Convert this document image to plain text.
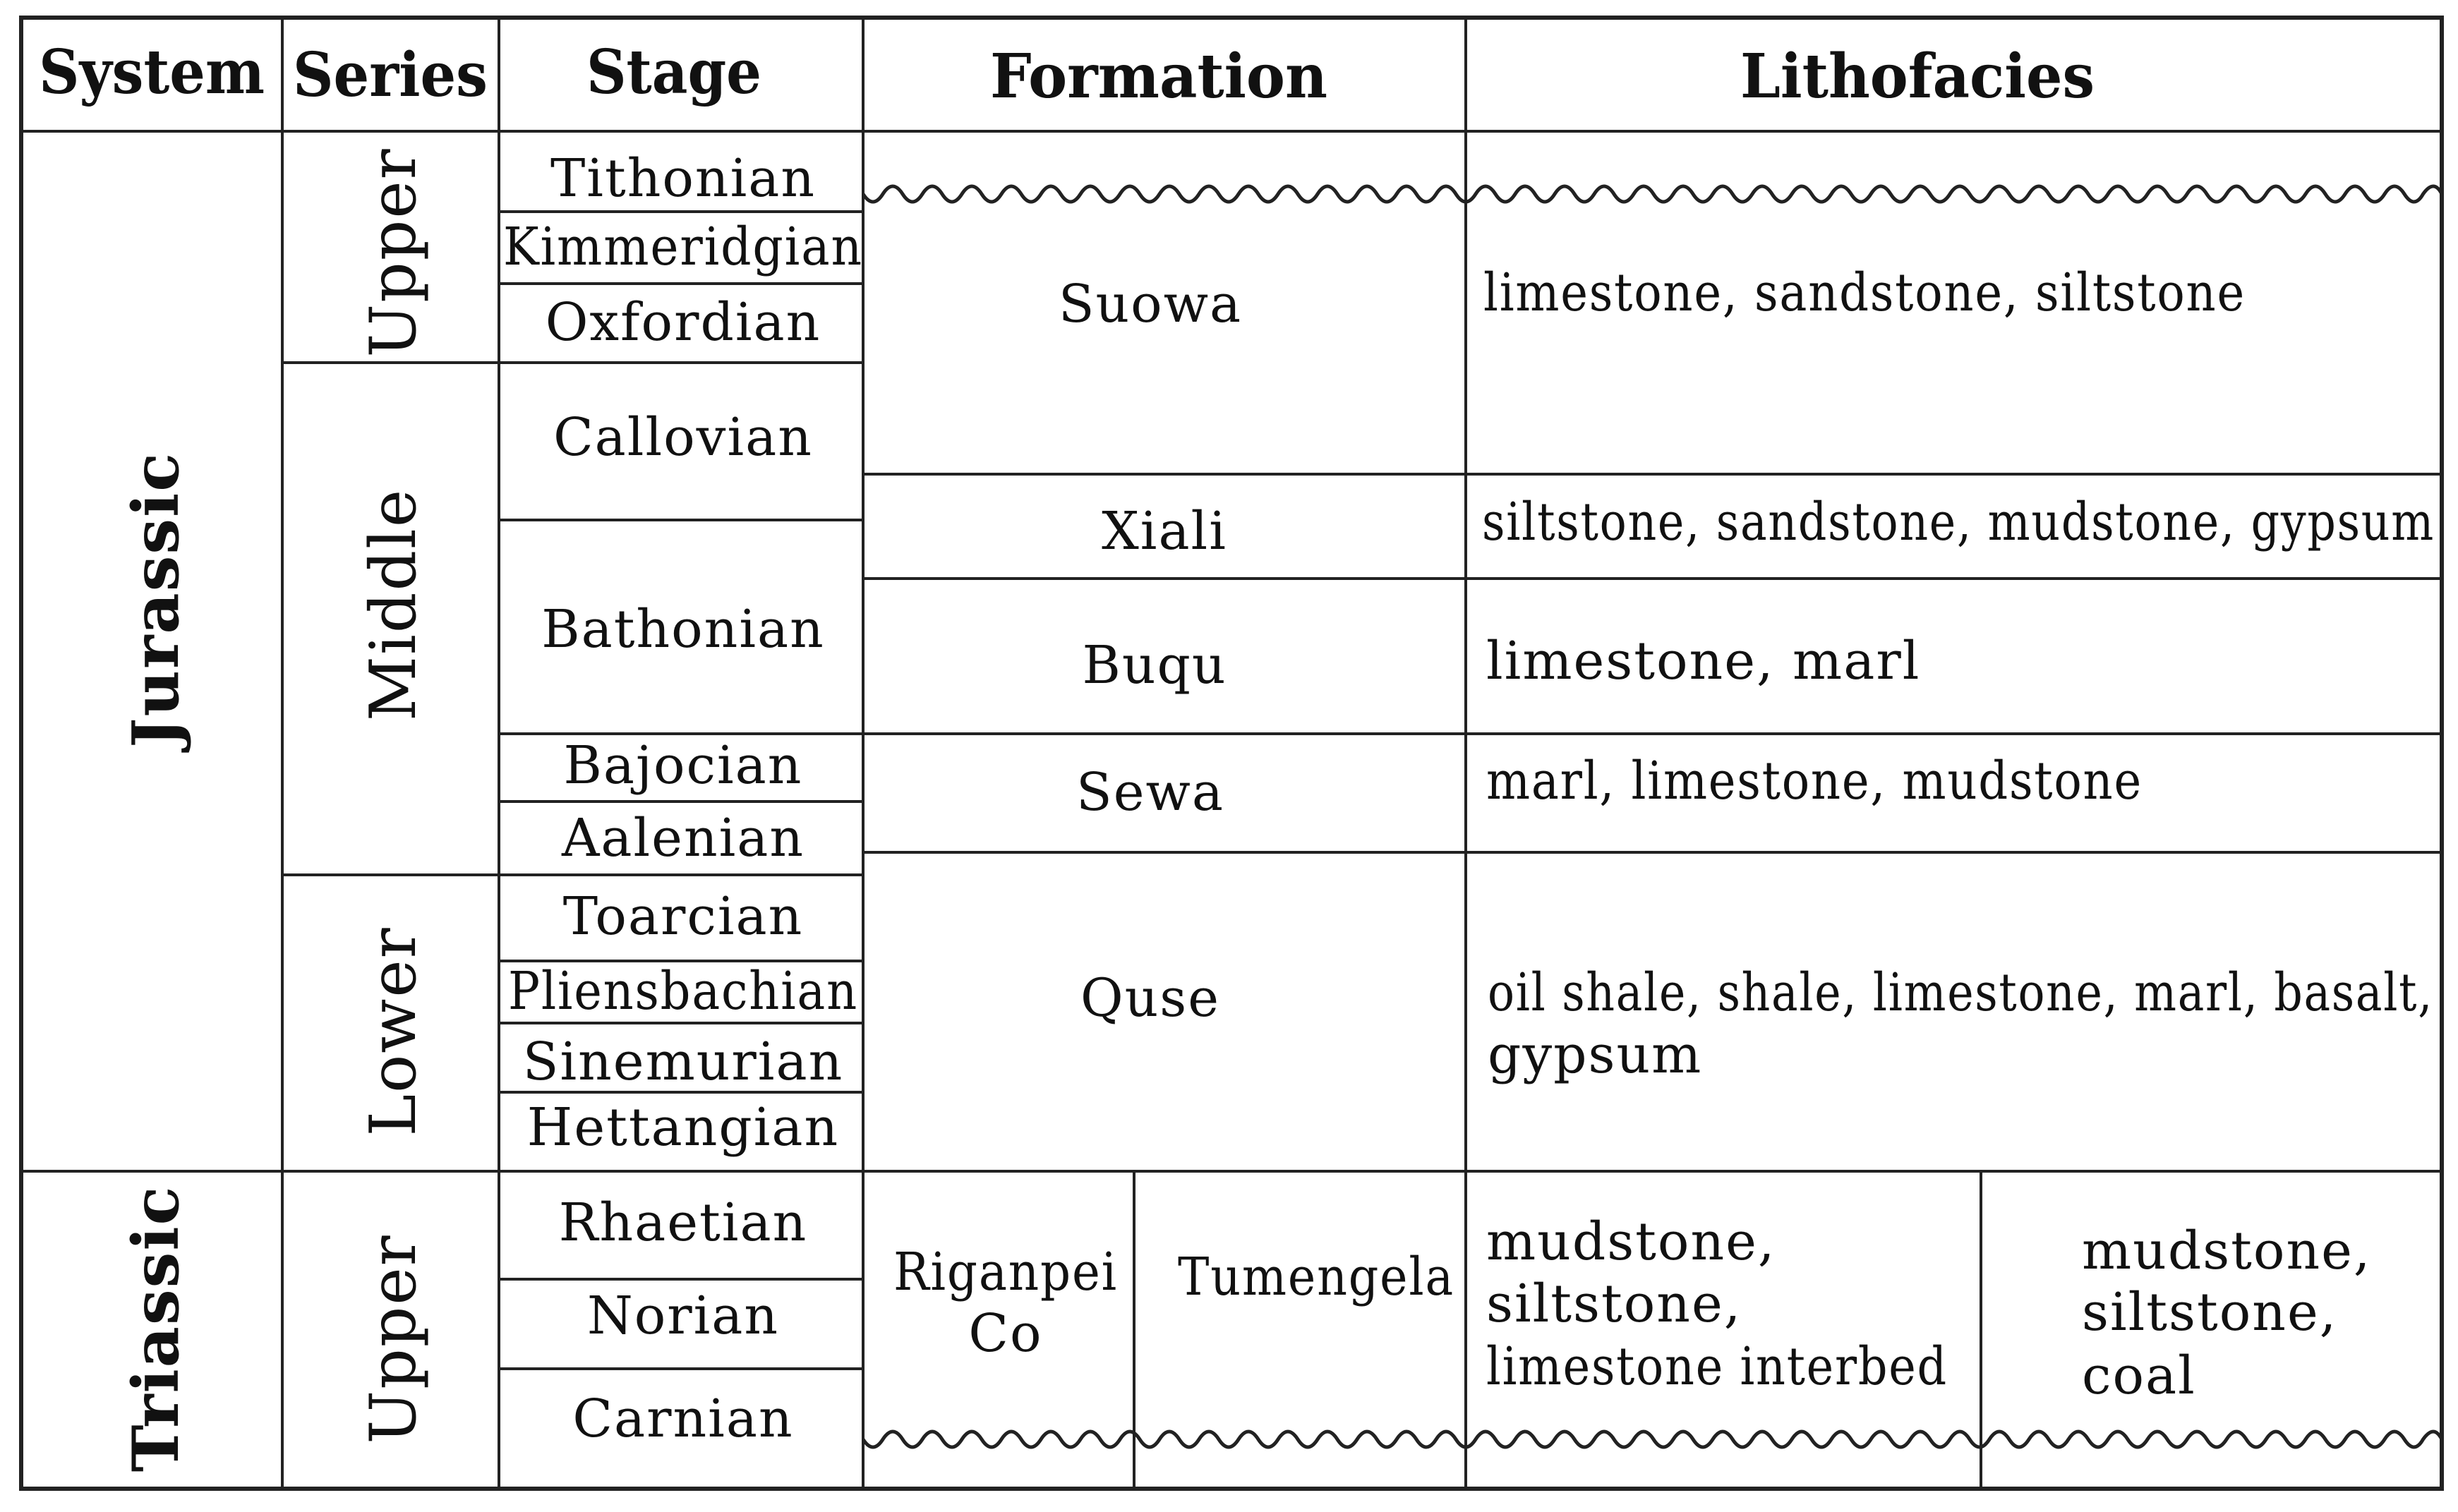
System Series Stage	Formation	Lithofacies
Jurassic
Triassic
Upper
Middle
Lower
Upper
Tithonian
Kimmeridgian
Oxfordian
Callovian
Bathonian
Bajocian
Aalenian
Toarcian
Pliensbachian
Sinemurian
Hettangian
Rhaetian
Norian
Carnian
Suowa
Xiali
Buqu
Sewa
Quse
Riganpei
Co
Tumengela
limestone, sandstone, siltstone
siltstone, sandstone, mudstone, gypsum
limestone, marl
marl, limestone, mudstone
oil shale, shale, limestone, marl, basalt,
gypsum
mudstone,
siltstone,
limestone interbed
mudstone,
siltstone,
coal
